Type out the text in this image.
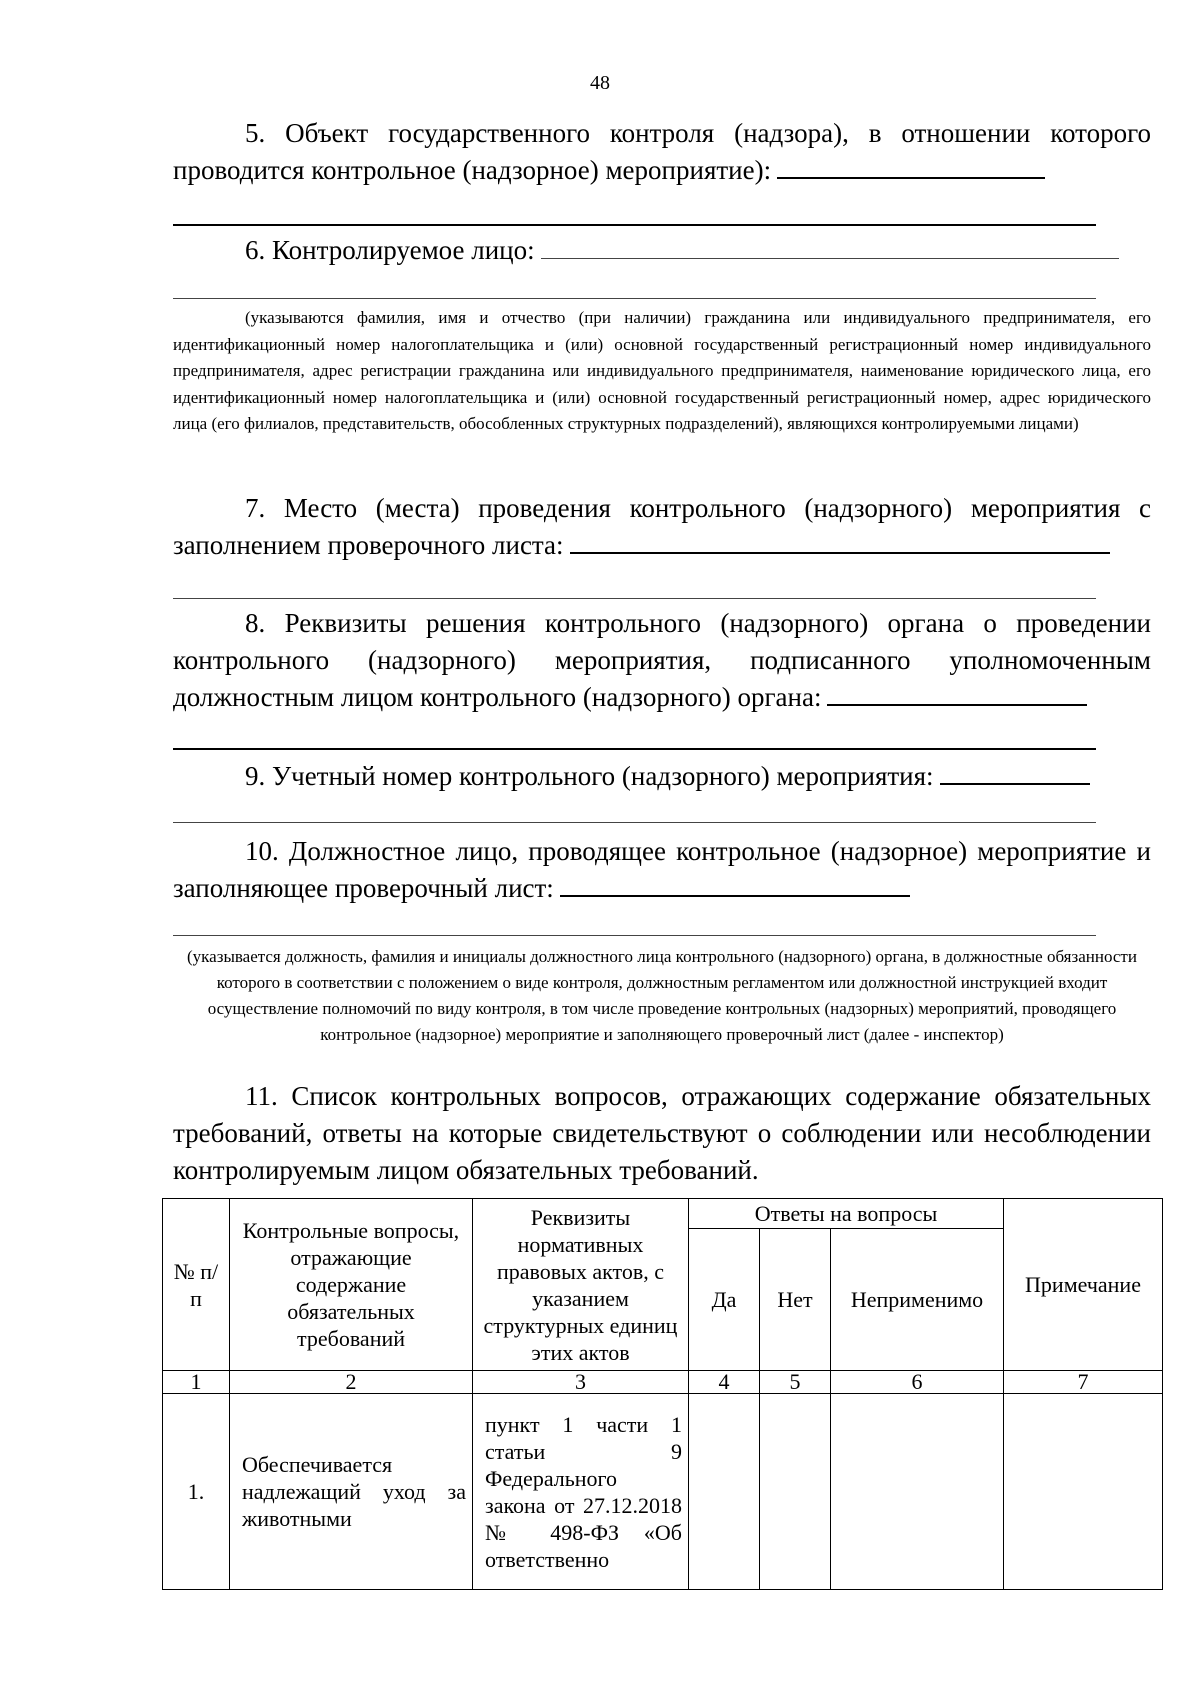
48

5. Объект государственного контроля (надзора), в отношении которого проводится контрольное (надзорное) мероприятие):

6. Контролируемое лицо:

(указываются фамилия, имя и отчество (при наличии) гражданина или индивидуального предпринимателя, его идентификационный номер налогоплательщика и (или) основной государственный регистрационный номер индивидуального предпринимателя, адрес регистрации гражданина или индивидуального предпринимателя, наименование юридического лица, его идентификационный номер налогоплательщика и (или) основной государственный регистрационный номер, адрес юридического лица (его филиалов, представительств, обособленных структурных подразделений), являющихся контролируемыми лицами)

7. Место (места) проведения контрольного (надзорного) мероприятия с заполнением проверочного листа:

8. Реквизиты решения контрольного (надзорного) органа о проведении контрольного (надзорного) мероприятия, подписанного уполномоченным должностным лицом контрольного (надзорного) органа:

9. Учетный номер контрольного (надзорного) мероприятия:

10. Должностное лицо, проводящее контрольное (надзорное) мероприятие и заполняющее проверочный лист:

(указывается должность, фамилия и инициалы должностного лица контрольного (надзорного) органа, в должностные обязанности которого в соответствии с положением о виде контроля, должностным регламентом или должностной инструкцией входит осуществление полномочий по виду контроля, в том числе проведение контрольных (надзорных) мероприятий, проводящего контрольное (надзорное) мероприятие и заполняющего проверочный лист (далее - инспектор)

11. Список контрольных вопросов, отражающих содержание обязательных требований, ответы на которые свидетельствуют о соблюдении или несоблюдении контролируемым лицом обязательных требований.

№ п/п	Контрольные вопросы, отражающие содержание обязательных требований	Реквизиты нормативных правовых актов, с указанием структурных единиц этих актов	Ответы на вопросы			Примечание
			Да	Нет	Неприменимо	
1	2	3	4	5	6	7
1.	Обеспечивается надлежащий уход за животными	пункт 1 части 1 статьи 9 Федерального закона от 27.12.2018 № 498-ФЗ «Об ответственно				
